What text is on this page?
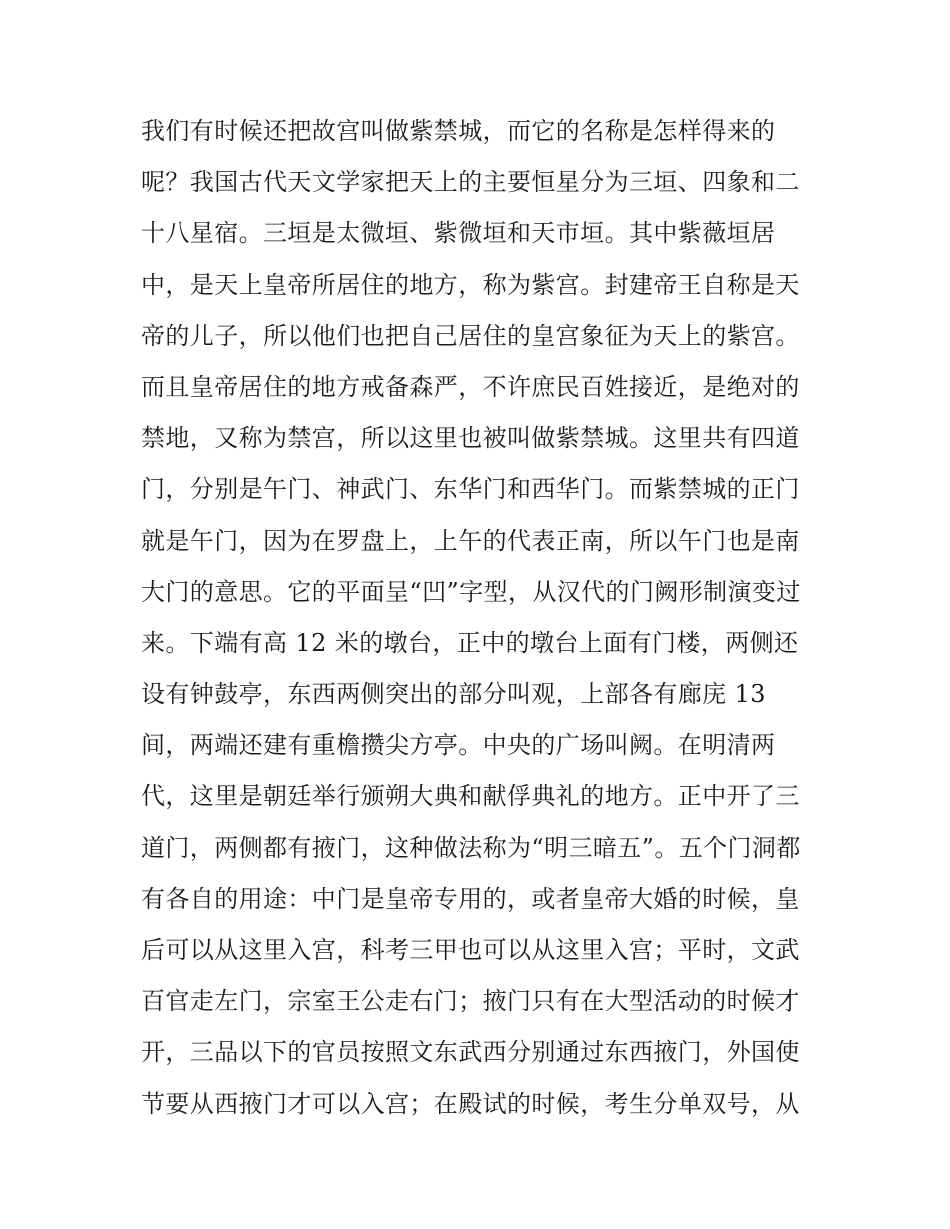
我们有时候还把故宫叫做紫禁城，而它的名称是怎样得来的
呢？我国古代天文学家把天上的主要恒星分为三垣、四象和二
十八星宿。三垣是太微垣、紫微垣和天市垣。其中紫薇垣居
中，是天上皇帝所居住的地方，称为紫宫。封建帝王自称是天
帝的儿子，所以他们也把自己居住的皇宫象征为天上的紫宫。
而且皇帝居住的地方戒备森严，不许庶民百姓接近，是绝对的
禁地，又称为禁宫，所以这里也被叫做紫禁城。这里共有四道
门，分别是午门、神武门、东华门和西华门。而紫禁城的正门
就是午门，因为在罗盘上，上午的代表正南，所以午门也是南
大门的意思。它的平面呈“凹”字型，从汉代的门阙形制演变过
来。下端有高 12 米的墩台，正中的墩台上面有门楼，两侧还
设有钟鼓亭，东西两侧突出的部分叫观，上部各有廊庑 13
间，两端还建有重檐攒尖方亭。中央的广场叫阙。在明清两
代，这里是朝廷举行颁朔大典和献俘典礼的地方。正中开了三
道门，两侧都有掖门，这种做法称为“明三暗五”。五个门洞都
有各自的用途：中门是皇帝专用的，或者皇帝大婚的时候，皇
后可以从这里入宫，科考三甲也可以从这里入宫；平时，文武
百官走左门，宗室王公走右门；掖门只有在大型活动的时候才
开，三品以下的官员按照文东武西分别通过东西掖门，外国使
节要从西掖门才可以入宫；在殿试的时候，考生分单双号，从
